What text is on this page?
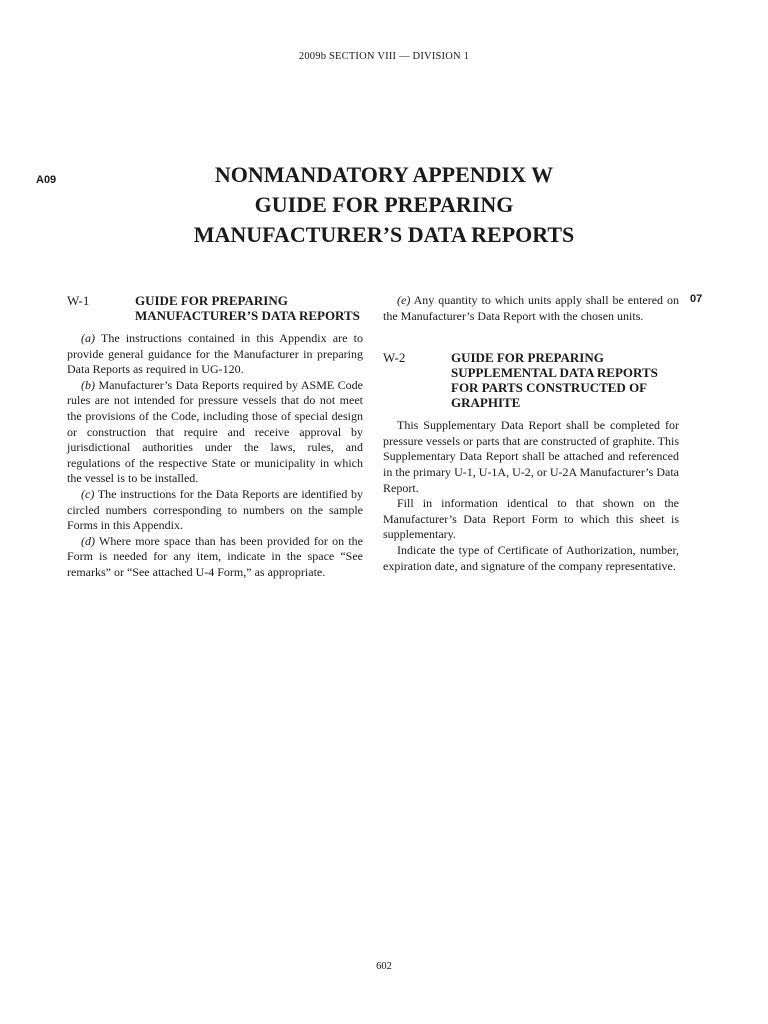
2009b SECTION VIII — DIVISION 1
A09
07
NONMANDATORY APPENDIX W
GUIDE FOR PREPARING
MANUFACTURER’S DATA REPORTS
W-1	GUIDE FOR PREPARING MANUFACTURER’S DATA REPORTS

(a) The instructions contained in this Appendix are to provide general guidance for the Manufacturer in preparing Data Reports as required in UG-120.

(b) Manufacturer’s Data Reports required by ASME Code rules are not intended for pressure vessels that do not meet the provisions of the Code, including those of special design or construction that require and receive approval by jurisdictional authorities under the laws, rules, and regulations of the respective State or municipality in which the vessel is to be installed.

(c) The instructions for the Data Reports are identified by circled numbers corresponding to numbers on the sample Forms in this Appendix.

(d) Where more space than has been provided for on the Form is needed for any item, indicate in the space “See remarks” or “See attached U-4 Form,” as appropriate.

(e) Any quantity to which units apply shall be entered on the Manufacturer’s Data Report with the chosen units.

W-2	GUIDE FOR PREPARING SUPPLEMENTAL DATA REPORTS FOR PARTS CONSTRUCTED OF GRAPHITE

This Supplementary Data Report shall be completed for pressure vessels or parts that are constructed of graphite. This Supplementary Data Report shall be attached and referenced in the primary U-1, U-1A, U-2, or U-2A Manufacturer’s Data Report.

Fill in information identical to that shown on the Manufacturer’s Data Report Form to which this sheet is supplementary.

Indicate the type of Certificate of Authorization, number, expiration date, and signature of the company representative.

602
